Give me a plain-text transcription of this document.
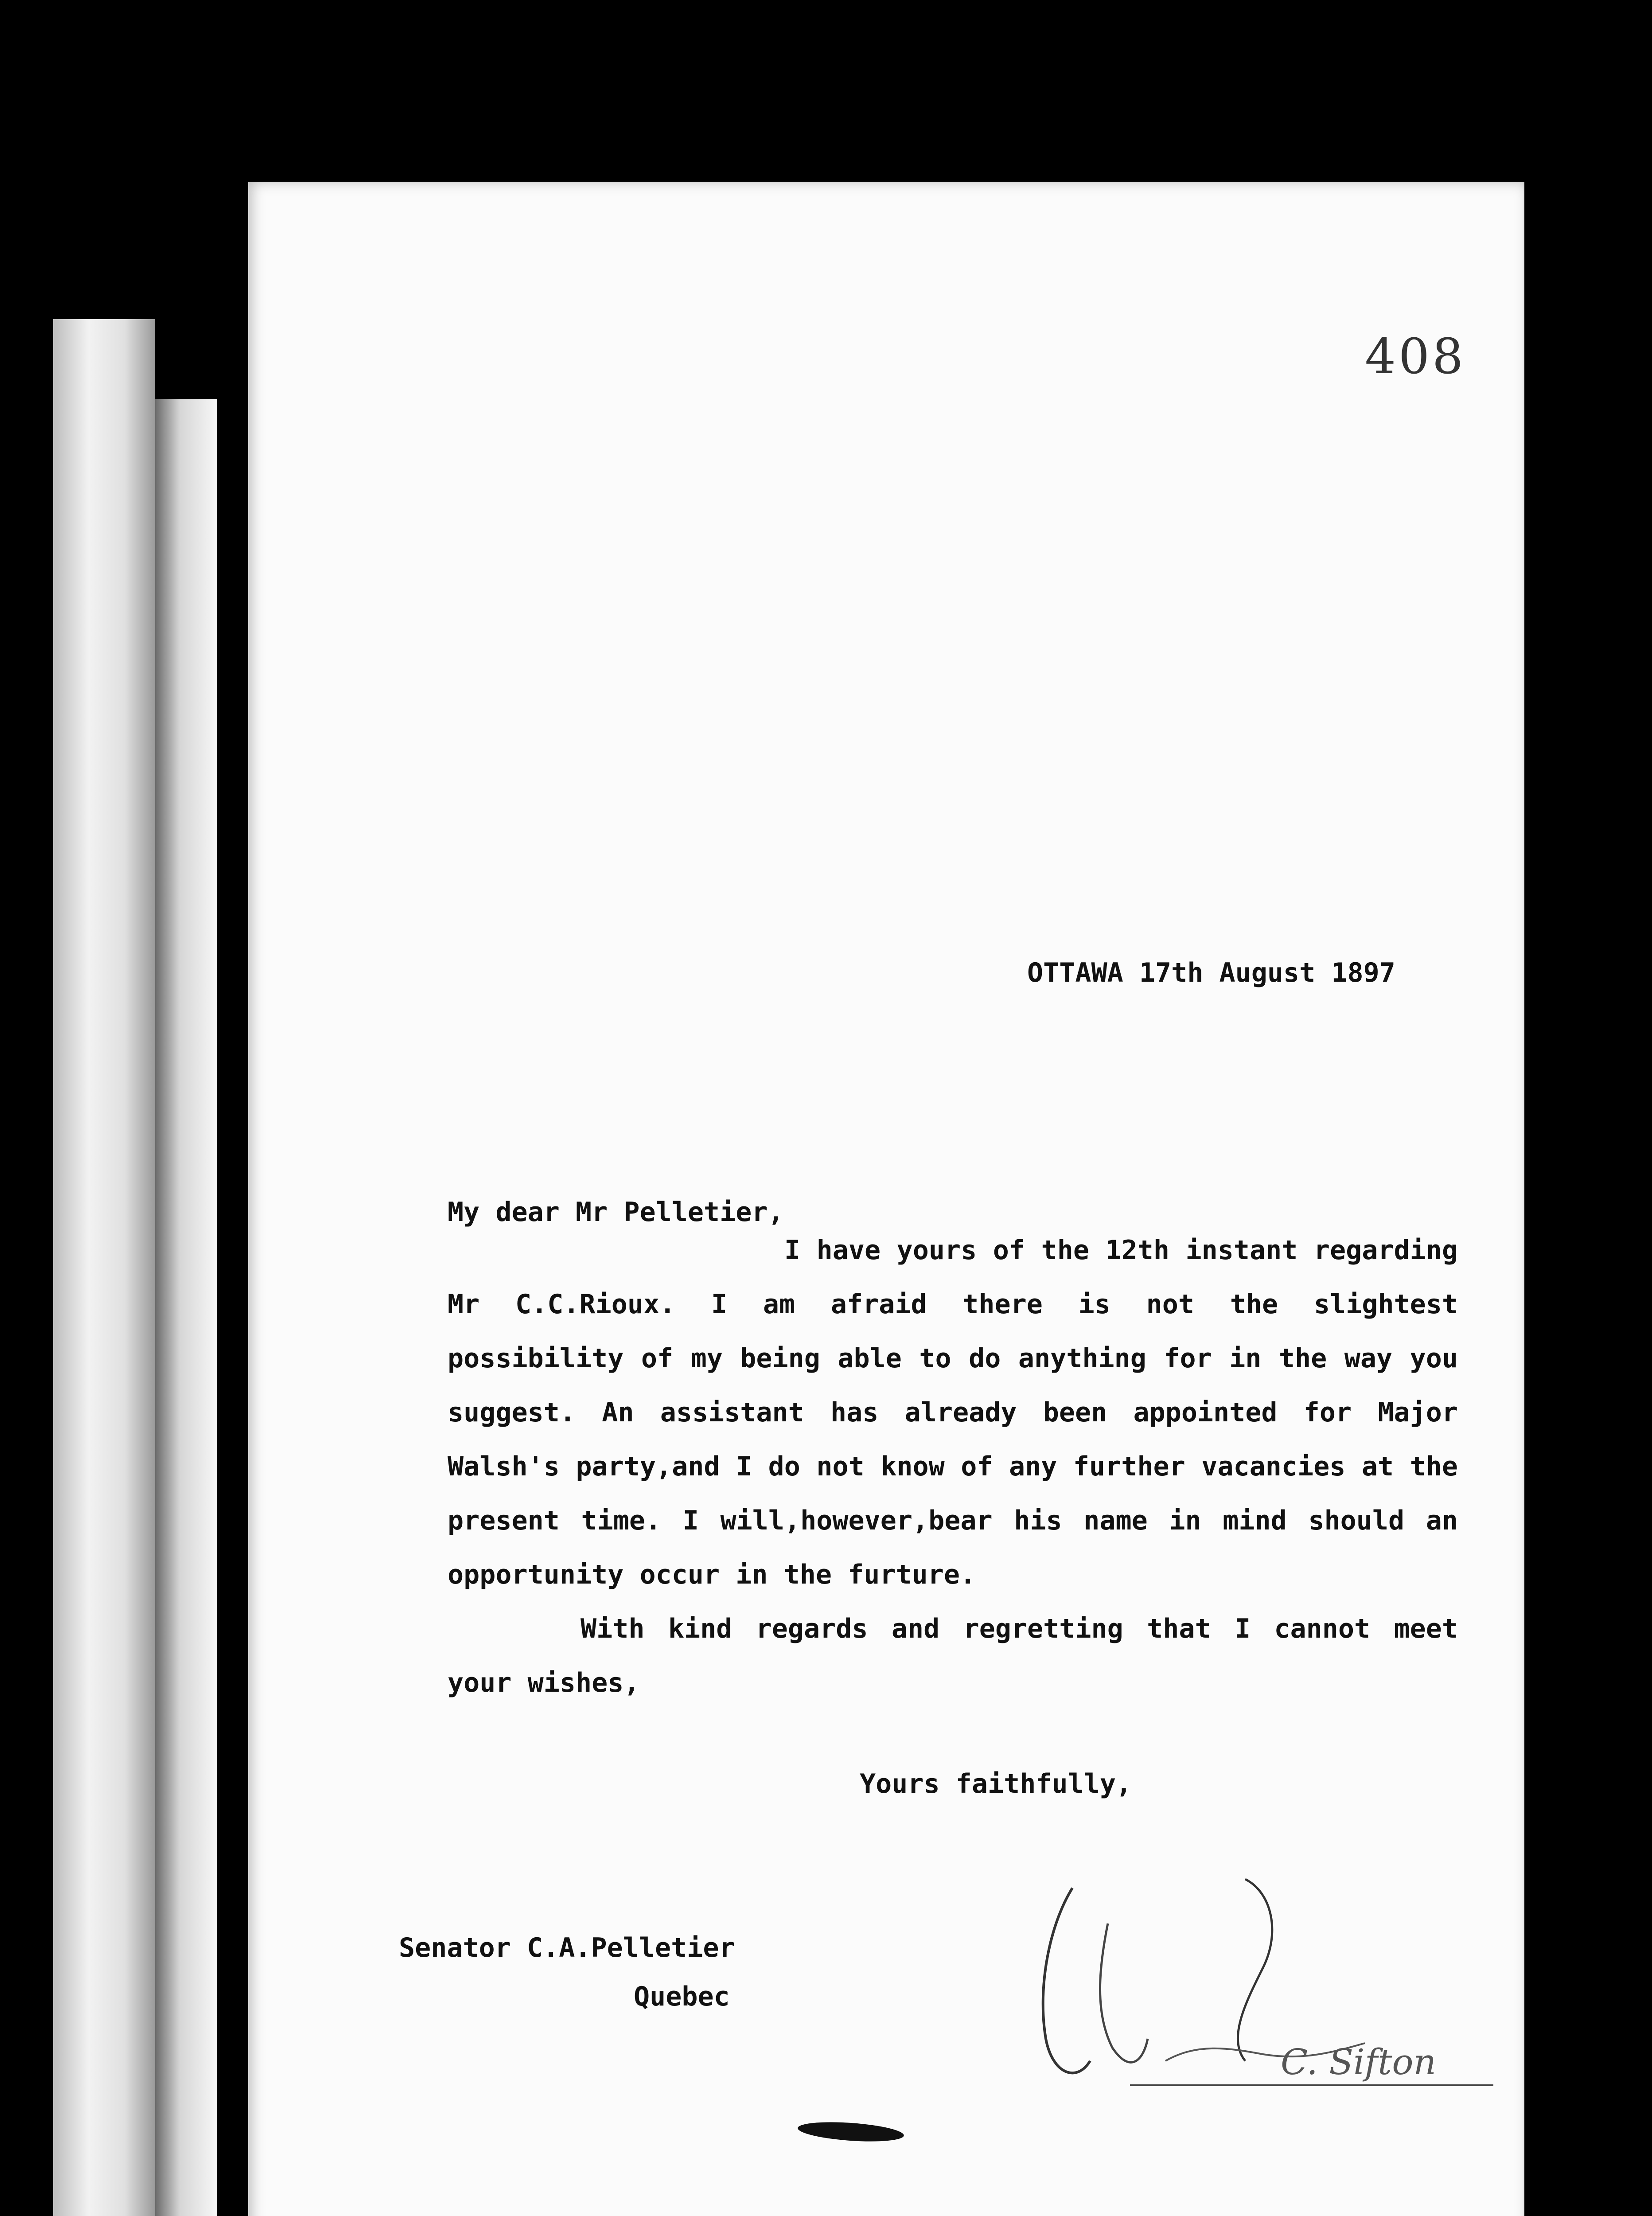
408
OTTAWA 17th August 1897
My dear Mr Pelletier,

I have yours of the 12th instant regarding Mr C.C.Rioux. I am afraid there is not the slightest possibility of my being able to do anything for in the way you suggest. An assistant has already been appointed for Major Walsh's party,and I do not know of any further vacancies at the present time. I will,however,bear his name in mind should an opportunity occur in the furture.

With kind regards and regretting that I cannot meet your wishes,

Yours faithfully,
Senator C.A.Pelletier
Quebec
C. Sifton
